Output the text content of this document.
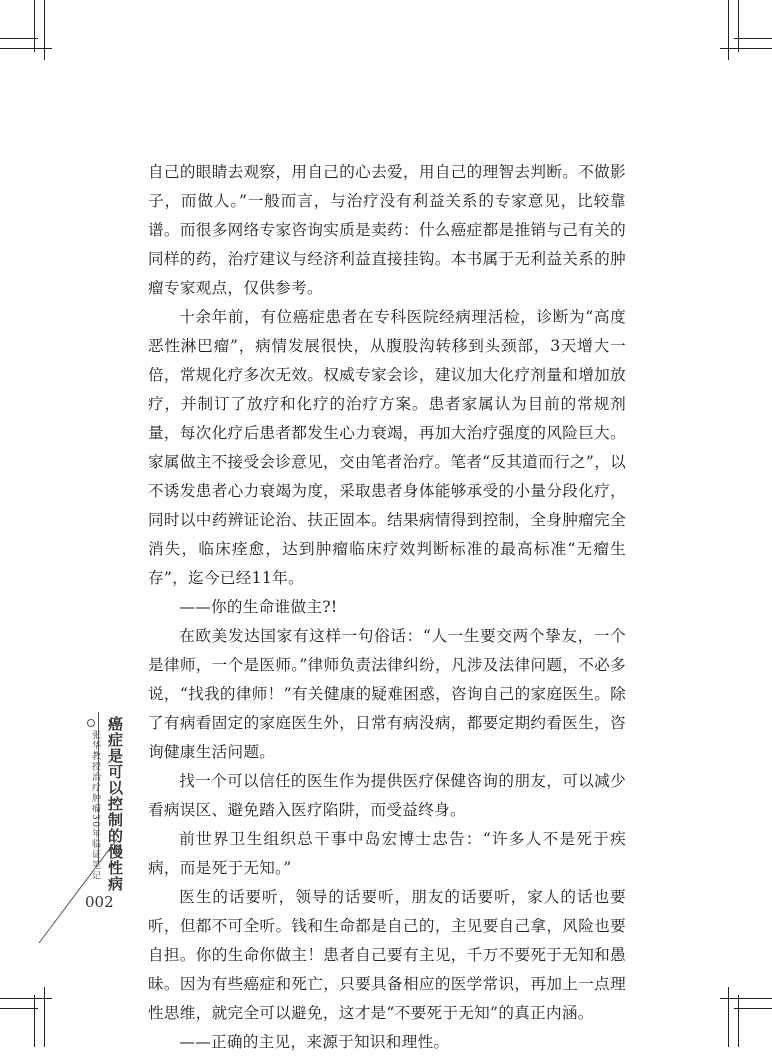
癌症是可以控制的慢性病
张华教授治疗肿瘤30年临证笔记
002

自己的眼睛去观察，用自己的心去爱，用自己的理智去判断。不做影子，而做人。”一般而言，与治疗没有利益关系的专家意见，比较靠谱。而很多网络专家咨询实质是卖药：什么癌症都是推销与己有关的同样的药，治疗建议与经济利益直接挂钩。本书属于无利益关系的肿瘤专家观点，仅供参考。

十余年前，有位癌症患者在专科医院经病理活检，诊断为“高度恶性淋巴瘤”，病情发展很快，从腹股沟转移到头颈部，3天增大一倍，常规化疗多次无效。权威专家会诊，建议加大化疗剂量和增加放疗，并制订了放疗和化疗的治疗方案。患者家属认为目前的常规剂量，每次化疗后患者都发生心力衰竭，再加大治疗强度的风险巨大。家属做主不接受会诊意见，交由笔者治疗。笔者“反其道而行之”，以不诱发患者心力衰竭为度，采取患者身体能够承受的小量分段化疗，同时以中药辨证论治、扶正固本。结果病情得到控制，全身肿瘤完全消失，临床痊愈，达到肿瘤临床疗效判断标准的最高标准“无瘤生存”，迄今已经11年。

——你的生命谁做主?!

在欧美发达国家有这样一句俗话：“人一生要交两个挚友，一个是律师，一个是医师。”律师负责法律纠纷，凡涉及法律问题，不必多说，“找我的律师！”有关健康的疑难困惑，咨询自己的家庭医生。除了有病看固定的家庭医生外，日常有病没病，都要定期约看医生，咨询健康生活问题。

找一个可以信任的医生作为提供医疗保健咨询的朋友，可以减少看病误区、避免踏入医疗陷阱，而受益终身。

前世界卫生组织总干事中岛宏博士忠告：“许多人不是死于疾病，而是死于无知。”

医生的话要听，领导的话要听，朋友的话要听，家人的话也要听，但都不可全听。钱和生命都是自己的，主见要自己拿，风险也要自担。你的生命你做主！患者自己要有主见，千万不要死于无知和愚昧。因为有些癌症和死亡，只要具备相应的医学常识，再加上一点理性思维，就完全可以避免，这才是“不要死于无知”的真正内涵。

——正确的主见，来源于知识和理性。
